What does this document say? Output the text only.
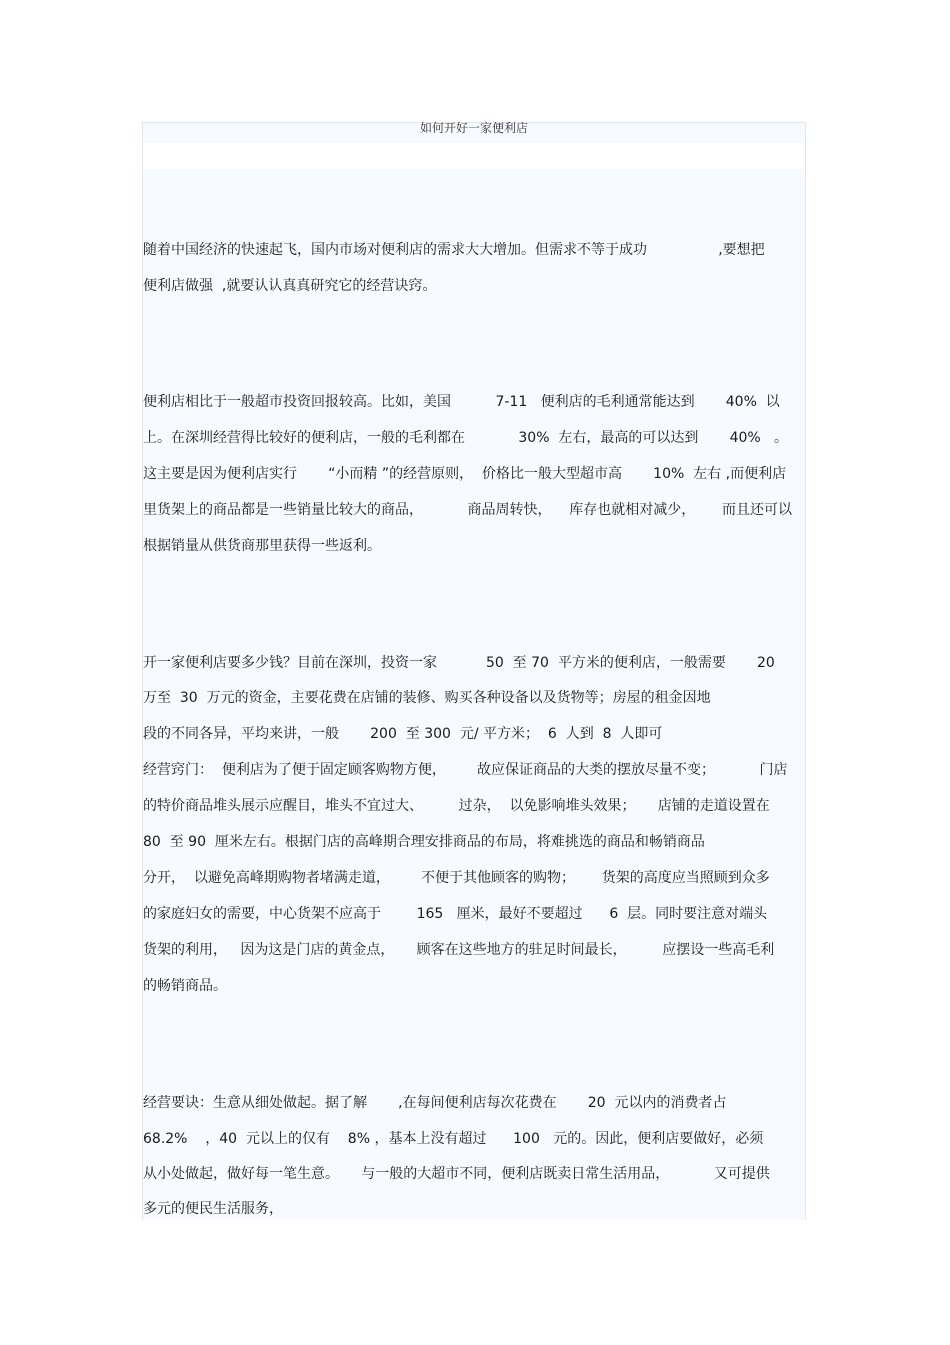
如何开好一家便利店
随着中国经济的快速起飞，国内市场对便利店的需求大大增加。但需求不等于成功                ,要想把
便利店做强  ,就要认认真真研究它的经营诀窍。
便利店相比于一般超市投资回报较高。比如，美国          7-11   便利店的毛利通常能达到       40%  以
上。在深圳经营得比较好的便利店，一般的毛利都在            30%  左右，最高的可以达到       40%   。
这主要是因为便利店实行       “小而精 ”的经营原则，  价格比一般大型超市高       10%  左右 ,而便利店
里货架上的商品都是一些销量比较大的商品，          商品周转快，    库存也就相对减少，      而且还可以
根据销量从供货商那里获得一些返利。
开一家便利店要多少钱？目前在深圳，投资一家           50  至 70  平方米的便利店，一般需要       20
万至  30  万元的资金，主要花费在店铺的装修、购买各种设备以及货物等；房屋的租金因地
段的不同各异，平均来讲，一般       200  至 300  元/ 平方米；  6  人到  8  人即可
经营窍门：  便利店为了便于固定顾客购物方便，       故应保证商品的大类的摆放尽量不变；          门店
的特价商品堆头展示应醒目，堆头不宜过大、        过杂，  以免影响堆头效果；     店铺的走道设置在
80  至 90  厘米左右。根据门店的高峰期合理安排商品的布局，将难挑选的商品和畅销商品
分开，  以避免高峰期购物者堵满走道，       不便于其他顾客的购物；      货架的高度应当照顾到众多
的家庭妇女的需要，中心货架不应高于        165   厘米，最好不要超过      6  层。同时要注意对端头
货架的利用，   因为这是门店的黄金点，     顾客在这些地方的驻足时间最长，        应摆设一些高毛利
的畅销商品。
经营要诀：生意从细处做起。据了解       ,在每间便利店每次花费在       20  元以内的消费者占
68.2%    ，40  元以上的仅有    8% ，基本上没有超过      100   元的。因此，便利店要做好，必须
从小处做起，做好每一笔生意。     与一般的大超市不同，便利店既卖日常生活用品，          又可提供
多元的便民生活服务，
